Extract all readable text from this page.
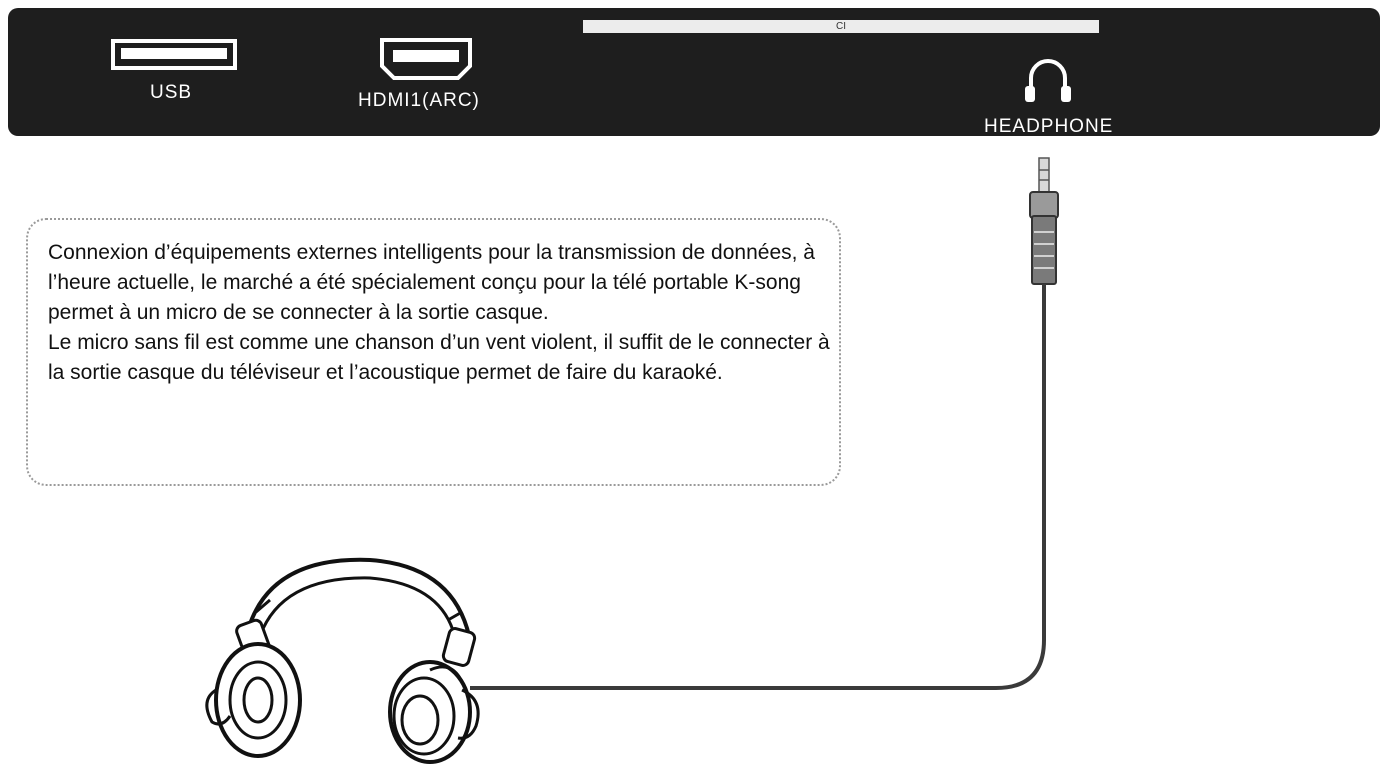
USB	HDMI1(ARC)
HEADPHONE
CI

Connexion d’équipements externes intelligents pour la transmission de données, à l’heure actuelle, le marché a été spécialement conçu pour la télé portable K-song permet à un micro de se connecter à la sortie casque.

Le micro sans fil est comme une chanson d’un vent violent, il suffit de le connecter à la sortie casque du téléviseur et l’acoustique permet de faire du karaoké.
